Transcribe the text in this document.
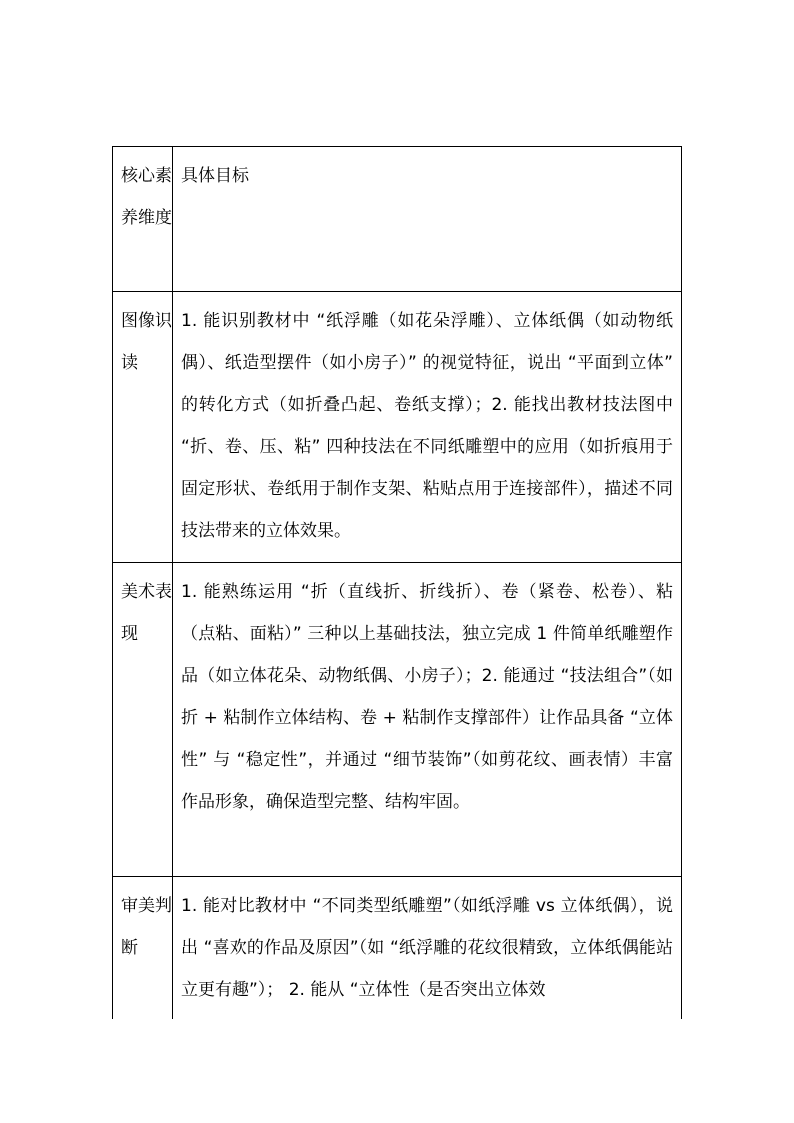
核心素养维度	具体目标

图像识读	1. 能识别教材中 “纸浮雕（如花朵浮雕）、立体纸偶（如动物纸偶）、纸造型摆件（如小房子）” 的视觉特征，说出 “平面到立体” 的转化方式（如折叠凸起、卷纸支撑）；2. 能找出教材技法图中 “折、卷、压、粘” 四种技法在不同纸雕塑中的应用（如折痕用于固定形状、卷纸用于制作支架、粘贴点用于连接部件），描述不同技法带来的立体效果。

美术表现	1. 能熟练运用 “折（直线折、折线折）、卷（紧卷、松卷）、粘（点粘、面粘）” 三种以上基础技法，独立完成 1 件简单纸雕塑作品（如立体花朵、动物纸偶、小房子）；2. 能通过 “技法组合”（如折 + 粘制作立体结构、卷 + 粘制作支撑部件）让作品具备 “立体性” 与 “稳定性”，并通过 “细节装饰”（如剪花纹、画表情）丰富作品形象，确保造型完整、结构牢固。

审美判断	1. 能对比教材中 “不同类型纸雕塑”（如纸浮雕 vs 立体纸偶），说出 “喜欢的作品及原因”（如 “纸浮雕的花纹很精致，立体纸偶能站立更有趣”）； 2. 能从 “立体性（是否突出立体效
